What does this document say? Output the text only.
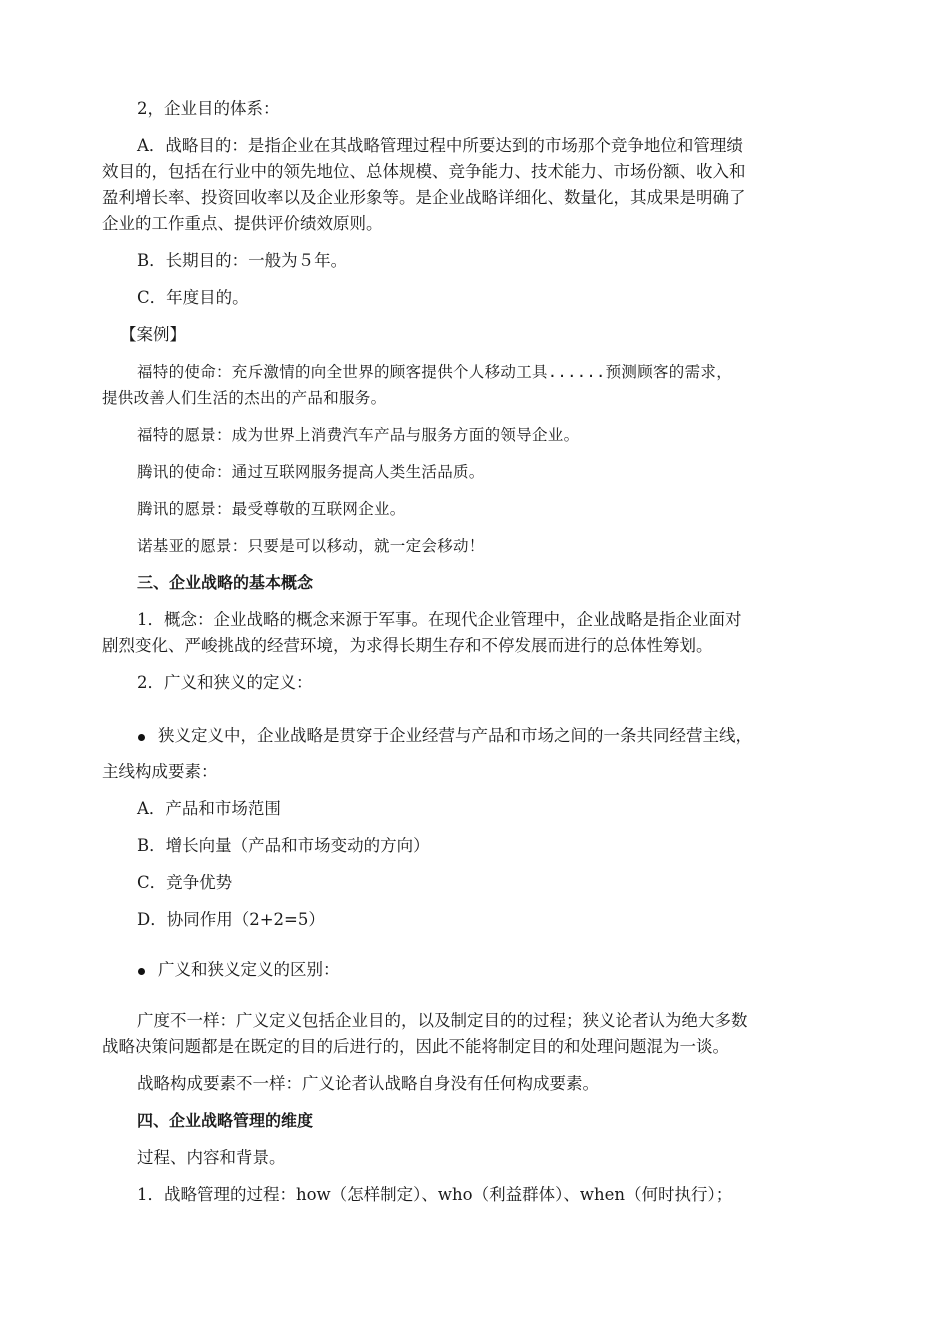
2，企业目的体系：
A．战略目的：是指企业在其战略管理过程中所要达到的市场那个竞争地位和管理绩
效目的，包括在行业中的领先地位、总体规模、竞争能力、技术能力、市场份额、收入和
盈利增长率、投资回收率以及企业形象等。是企业战略详细化、数量化，其成果是明确了
企业的工作重点、提供评价绩效原则。
B．长期目的：一般为５年。
C．年度目的。
【案例】
福特的使命：充斥激情的向全世界的顾客提供个人移动工具......预测顾客的需求，
提供改善人们生活的杰出的产品和服务。
福特的愿景：成为世界上消费汽车产品与服务方面的领导企业。
腾讯的使命：通过互联网服务提高人类生活品质。
腾讯的愿景：最受尊敬的互联网企业。
诺基亚的愿景：只要是可以移动，就一定会移动！
三、企业战略的基本概念
1．概念：企业战略的概念来源于军事。在现代企业管理中，企业战略是指企业面对
剧烈变化、严峻挑战的经营环境，为求得长期生存和不停发展而进行的总体性筹划。
2．广义和狭义的定义：
狭义定义中，企业战略是贯穿于企业经营与产品和市场之间的一条共同经营主线，
主线构成要素：
A．产品和市场范围
B．增长向量（产品和市场变动的方向）
C．竞争优势
D．协同作用（2+2=5）
广义和狭义定义的区别：
广度不一样：广义定义包括企业目的，以及制定目的的过程；狭义论者认为绝大多数
战略决策问题都是在既定的目的后进行的，因此不能将制定目的和处理问题混为一谈。
战略构成要素不一样：广义论者认战略自身没有任何构成要素。
四、企业战略管理的维度
过程、内容和背景。
1．战略管理的过程：how（怎样制定）、who（利益群体）、when（何时执行）；
